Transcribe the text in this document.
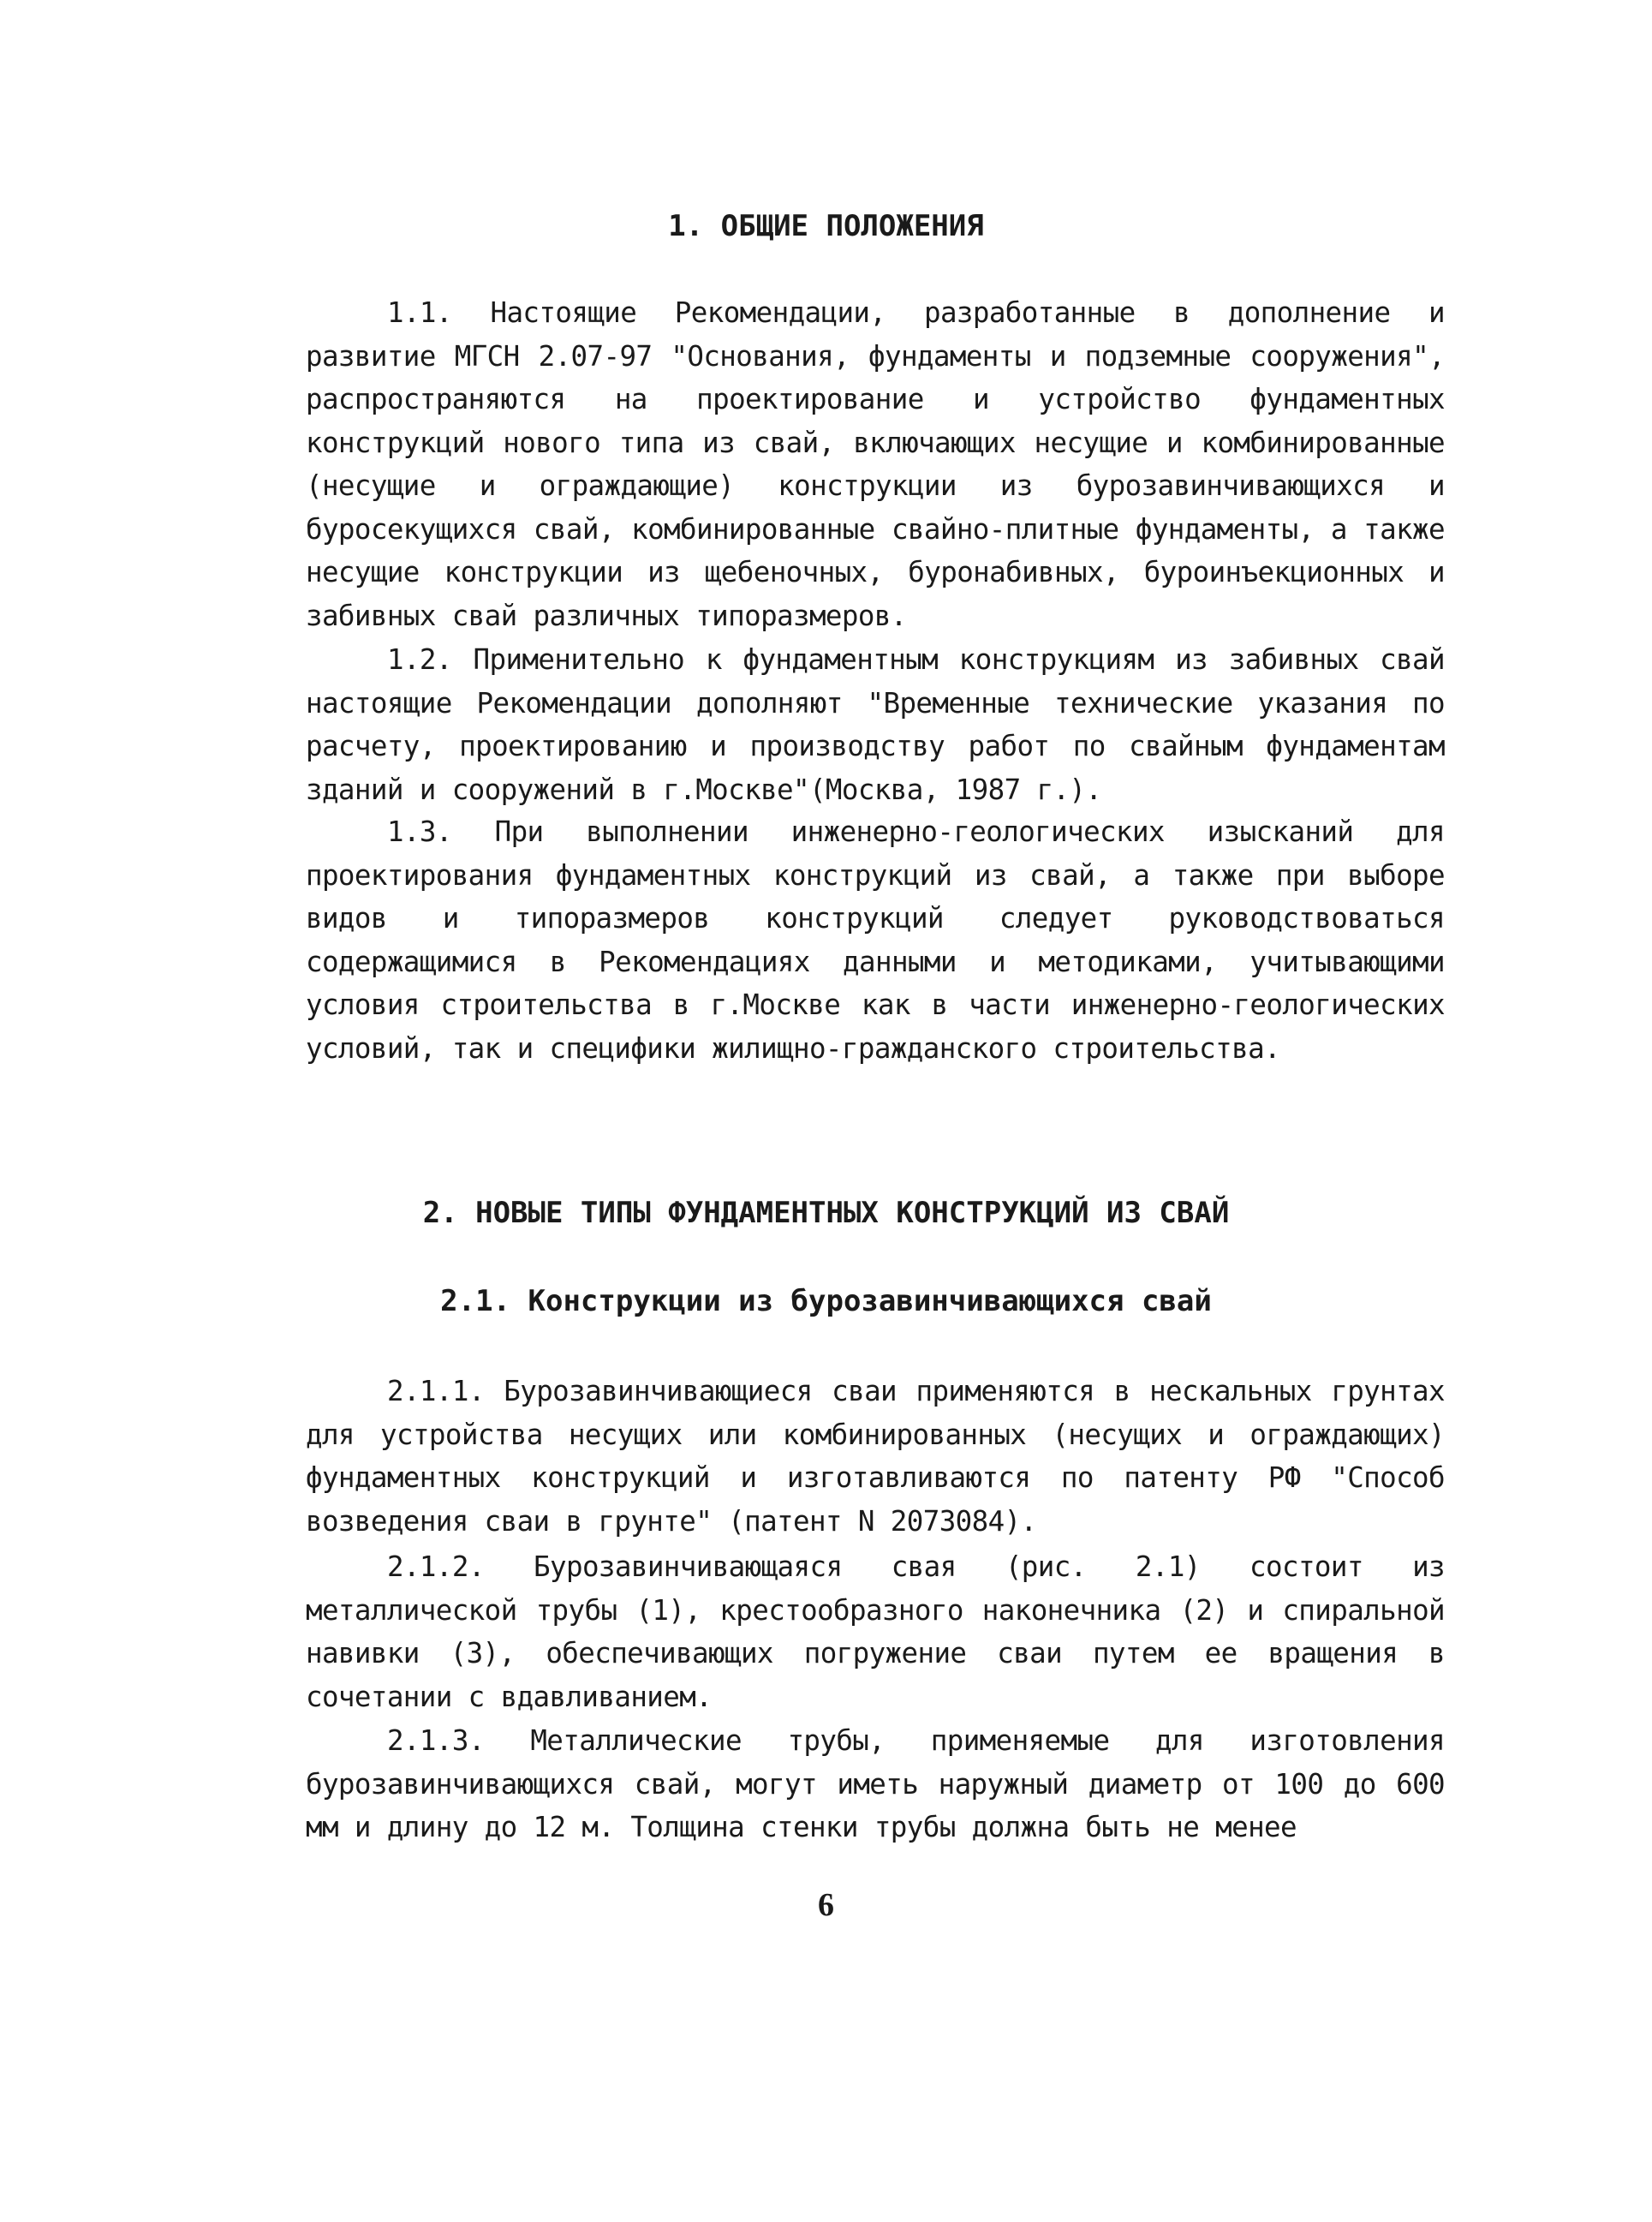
1. ОБЩИЕ ПОЛОЖЕНИЯ

1.1. Настоящие Рекомендации, разработанные в дополнение и развитие МГСН 2.07-97 "Основания, фундаменты и подземные сооружения", распространяются на проектирование и устройство фундаментных конструкций нового типа из свай, включающих несущие и комбинированные (несущие и ограждающие) конструкции из бурозавинчивающихся и буросекущихся свай, комбинированные свайно-плитные фундаменты, а также несущие конструкции из щебеночных, буронабивных, буроинъекционных и забивных свай различных типоразмеров.

1.2. Применительно к фундаментным конструкциям из забивных свай настоящие Рекомендации дополняют "Временные технические указания по расчету, проектированию и производству работ по свайным фундаментам зданий и сооружений в г.Москве"(Москва, 1987 г.).

1.3. При выполнении инженерно-геологических изысканий для проектирования фундаментных конструкций из свай, а также при выборе видов и типоразмеров конструкций следует руководствоваться содержащимися в Рекомендациях данными и методиками, учитывающими условия строительства в г.Москве как в части инженерно-геологических условий, так и специфики жилищно-гражданского строительства.

2. НОВЫЕ ТИПЫ ФУНДАМЕНТНЫХ КОНСТРУКЦИЙ ИЗ СВАЙ
2.1. Конструкции из бурозавинчивающихся свай

2.1.1. Бурозавинчивающиеся сваи применяются в нескальных грунтах для устройства несущих или комбинированных (несущих и ограждающих) фундаментных конструкций и изготавливаются по патенту РФ "Способ возведения сваи в грунте" (патент N 2073084).

2.1.2. Бурозавинчивающаяся свая (рис. 2.1) состоит из металлической трубы (1), крестообразного наконечника (2) и спиральной навивки (3), обеспечивающих погружение сваи путем ее вращения в сочетании с вдавливанием.

2.1.3. Металлические трубы, применяемые для изготовления бурозавинчивающихся свай, могут иметь наружный диаметр от 100 до 600 мм и длину до 12 м. Толщина стенки трубы должна быть не менее

6
